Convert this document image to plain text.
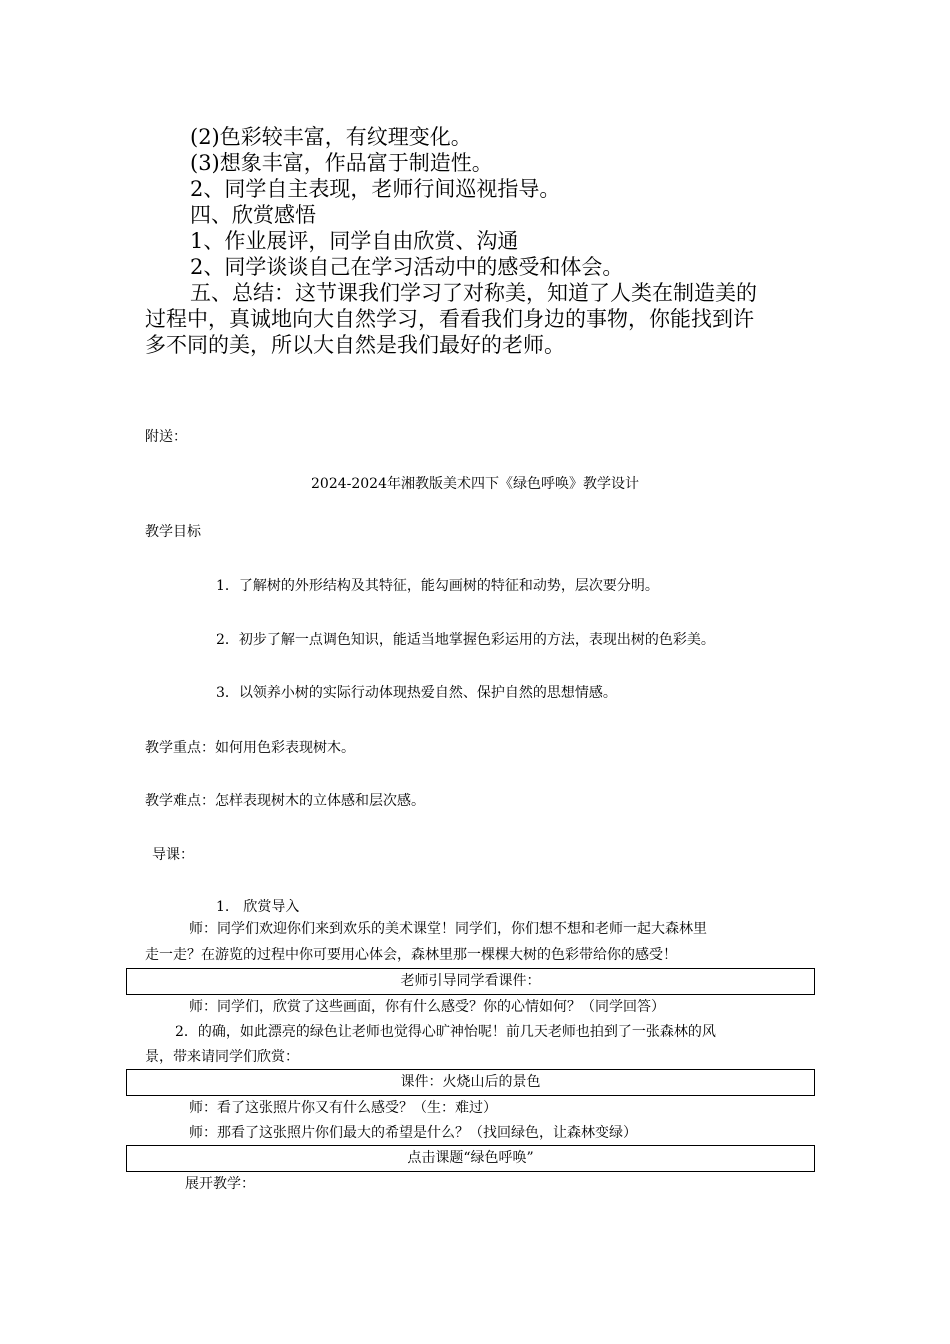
(2)色彩较丰富，有纹理变化。
(3)想象丰富，作品富于制造性。
2、同学自主表现，老师行间巡视指导。
四、欣赏感悟
1、作业展评，同学自由欣赏、沟通
2、同学谈谈自己在学习活动中的感受和体会。
五、总结：这节课我们学习了对称美，知道了人类在制造美的
过程中，真诚地向大自然学习，看看我们身边的事物，你能找到许
多不同的美，所以大自然是我们最好的老师。
附送：
2024-2024年湘教版美术四下《绿色呼唤》教学设计
教学目标
1．了解树的外形结构及其特征，能勾画树的特征和动势，层次要分明。
2．初步了解一点调色知识，能适当地掌握色彩运用的方法，表现出树的色彩美。
3．以领养小树的实际行动体现热爱自然、保护自然的思想情感。
教学重点：如何用色彩表现树木。
教学难点：怎样表现树木的立体感和层次感。
导课：
1.　欣赏导入
师：同学们欢迎你们来到欢乐的美术课堂！同学们，你们想不想和老师一起大森林里
走一走？在游览的过程中你可要用心体会，森林里那一棵棵大树的色彩带给你的感受！
老师引导同学看课件：
师：同学们，欣赏了这些画面，你有什么感受？你的心情如何？（同学回答）
2．的确，如此漂亮的绿色让老师也觉得心旷神怡呢！前几天老师也拍到了一张森林的风
景，带来请同学们欣赏：
课件：火烧山后的景色
师：看了这张照片你又有什么感受？（生：难过）
师：那看了这张照片你们最大的希望是什么？（找回绿色，让森林变绿）
点击课题“绿色呼唤”
展开教学：
